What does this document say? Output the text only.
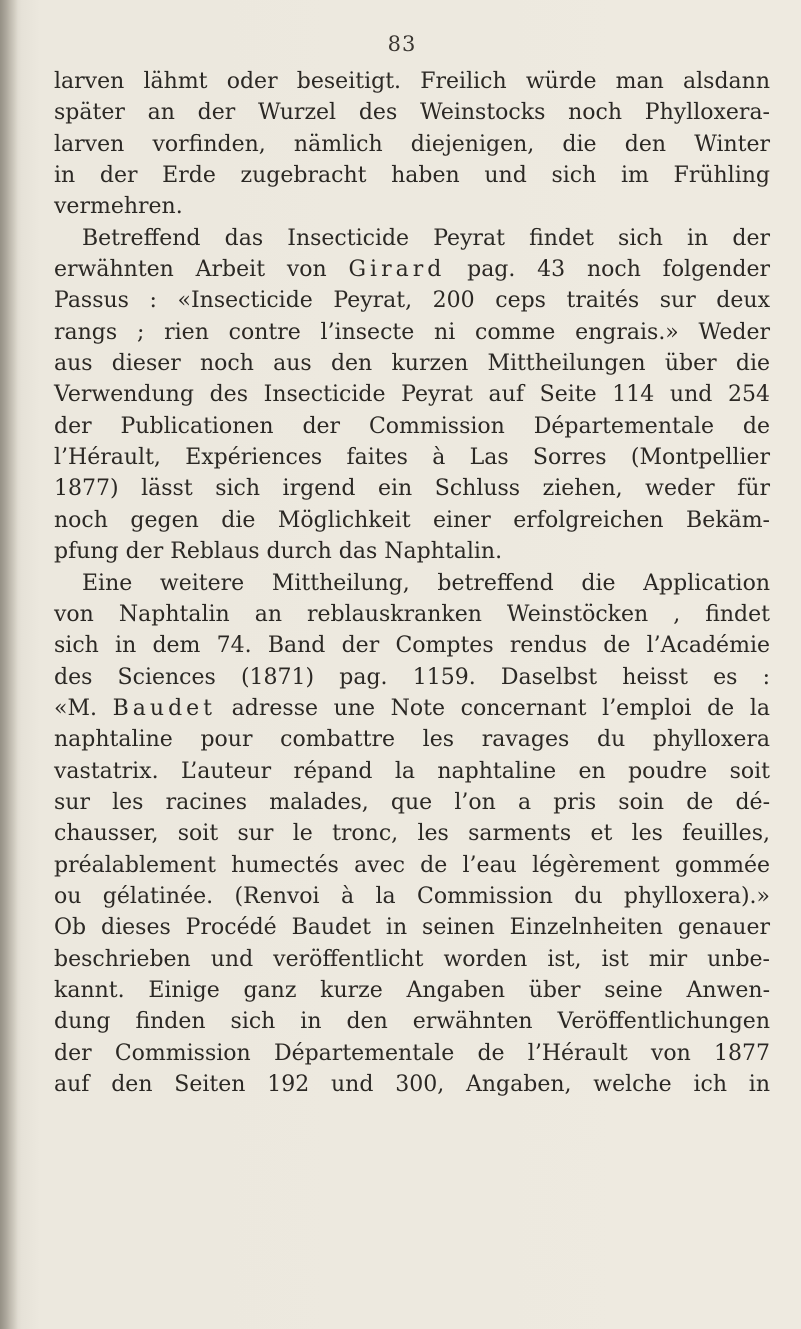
83
larven lähmt oder beseitigt. Freilich würde man alsdann
später an der Wurzel des Weinstocks noch Phylloxera-
larven vorfinden, nämlich diejenigen, die den Winter
in der Erde zugebracht haben und sich im Frühling
vermehren.
Betreffend das Insecticide Peyrat findet sich in der
erwähnten Arbeit von Girard pag. 43 noch folgender
Passus : «Insecticide Peyrat, 200 ceps traités sur deux
rangs ; rien contre l’insecte ni comme engrais.» Weder
aus dieser noch aus den kurzen Mittheilungen über die
Verwendung des Insecticide Peyrat auf Seite 114 und 254
der Publicationen der Commission Départementale de
l’Hérault, Expériences faites à Las Sorres (Montpellier
1877) lässt sich irgend ein Schluss ziehen, weder für
noch gegen die Möglichkeit einer erfolgreichen Bekäm-
pfung der Reblaus durch das Naphtalin.
Eine weitere Mittheilung, betreffend die Application
von Naphtalin an reblauskranken Weinstöcken , findet
sich in dem 74. Band der Comptes rendus de l’Académie
des Sciences (1871) pag. 1159. Daselbst heisst es :
«M. Baudet adresse une Note concernant l’emploi de la
naphtaline pour combattre les ravages du phylloxera
vastatrix. L’auteur répand la naphtaline en poudre soit
sur les racines malades, que l’on a pris soin de dé-
chausser, soit sur le tronc, les sarments et les feuilles,
préalablement humectés avec de l’eau légèrement gommée
ou gélatinée. (Renvoi à la Commission du phylloxera).»
Ob dieses Procédé Baudet in seinen Einzelnheiten genauer
beschrieben und veröffentlicht worden ist, ist mir unbe-
kannt. Einige ganz kurze Angaben über seine Anwen-
dung finden sich in den erwähnten Veröffentlichungen
der Commission Départementale de l’Hérault von 1877
auf den Seiten 192 und 300, Angaben, welche ich in
